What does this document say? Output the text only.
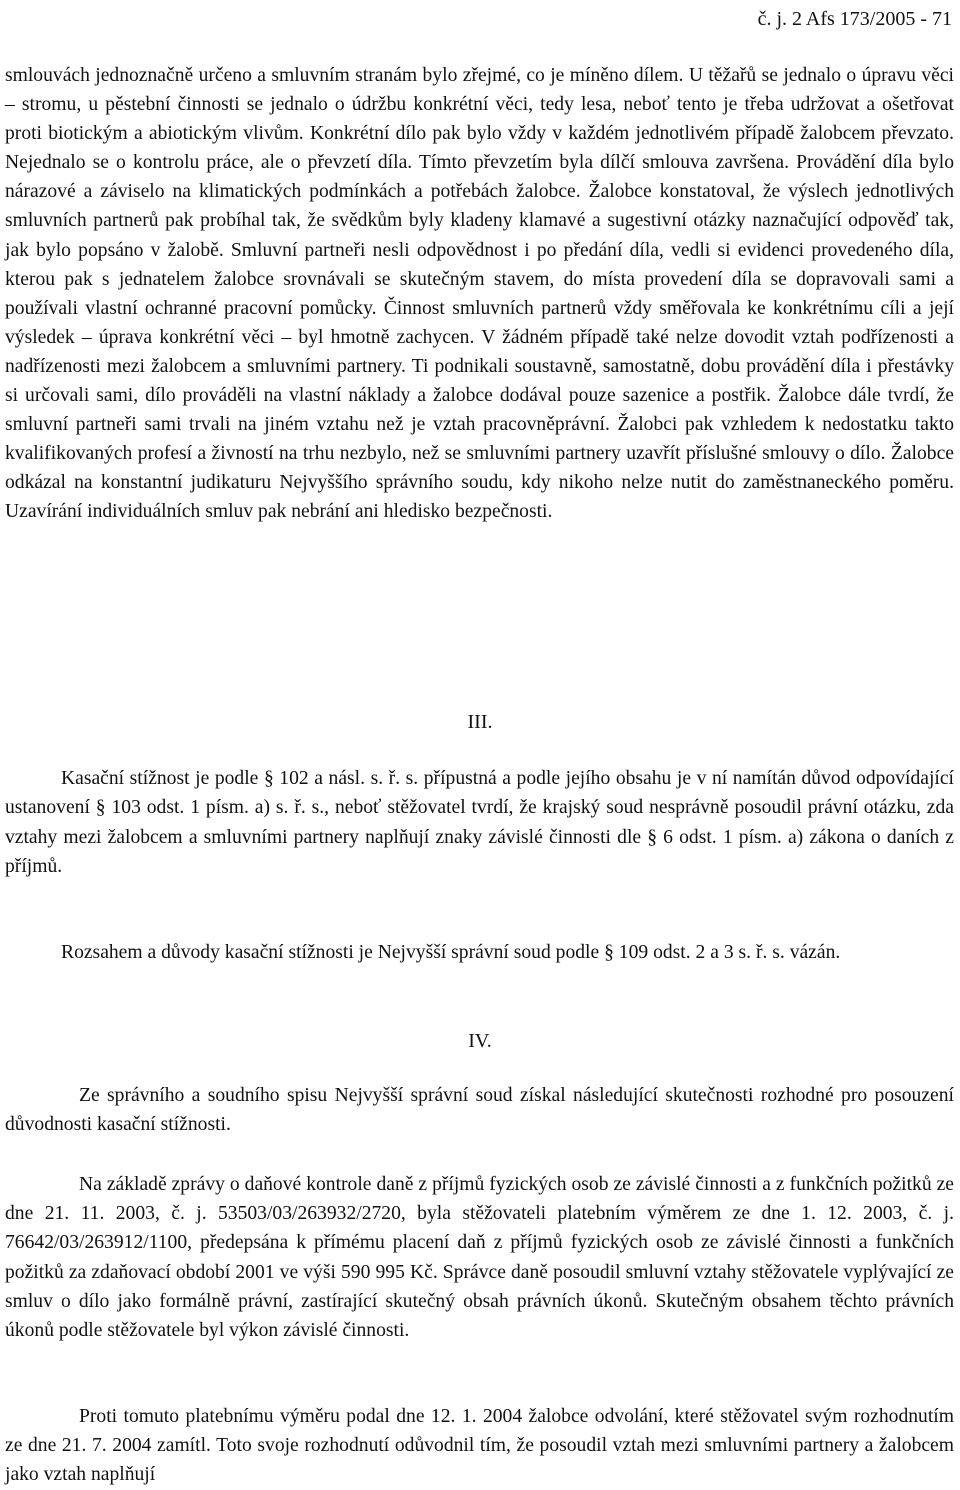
č. j. 2 Afs 173/2005 - 71

smlouvách jednoznačně určeno a smluvním stranám bylo zřejmé, co je míněno dílem. U těžařů se jednalo o úpravu věci – stromu, u pěstební činnosti se jednalo o údržbu konkrétní věci, tedy lesa, neboť tento je třeba udržovat a ošetřovat proti biotickým a abiotickým vlivům. Konkrétní dílo pak bylo vždy v každém jednotlivém případě žalobcem převzato. Nejednalo se o kontrolu práce, ale o převzetí díla. Tímto převzetím byla dílčí smlouva završena. Provádění díla bylo nárazové a záviselo na klimatických podmínkách a potřebách žalobce. Žalobce konstatoval, že výslech jednotlivých smluvních partnerů pak probíhal tak, že svědkům byly kladeny klamavé a sugestivní otázky naznačující odpověď tak, jak bylo popsáno v žalobě. Smluvní partneři nesli odpovědnost i po předání díla, vedli si evidenci provedeného díla, kterou pak s jednatelem žalobce srovnávali se skutečným stavem, do místa provedení díla se dopravovali sami a používali vlastní ochranné pracovní pomůcky. Činnost smluvních partnerů vždy směřovala ke konkrétnímu cíli a její výsledek – úprava konkrétní věci – byl hmotně zachycen. V žádném případě také nelze dovodit vztah podřízenosti a nadřízenosti mezi žalobcem a smluvními partnery. Ti podnikali soustavně, samostatně, dobu provádění díla i přestávky si určovali sami, dílo prováděli na vlastní náklady a žalobce dodával pouze sazenice a postřik. Žalobce dále tvrdí, že smluvní partneři sami trvali na jiném vztahu než je vztah pracovněprávní. Žalobci pak vzhledem k nedostatku takto kvalifikovaných profesí a živností na trhu nezbylo, než se smluvními partnery uzavřít příslušné smlouvy o dílo. Žalobce odkázal na konstantní judikaturu Nejvyššího správního soudu, kdy nikoho nelze nutit do zaměstnaneckého poměru. Uzavírání individuálních smluv pak nebrání ani hledisko bezpečnosti.

III.

Kasační stížnost je podle § 102 a násl. s. ř. s. přípustná a podle jejího obsahu je v ní namítán důvod odpovídající ustanovení § 103 odst. 1 písm. a) s. ř. s., neboť stěžovatel tvrdí, že krajský soud nesprávně posoudil právní otázku, zda vztahy mezi žalobcem a smluvními partnery naplňují znaky závislé činnosti dle § 6 odst. 1 písm. a) zákona o daních z příjmů.

Rozsahem a důvody kasační stížnosti je Nejvyšší správní soud podle § 109 odst. 2 a 3 s. ř. s. vázán.

IV.

Ze správního a soudního spisu Nejvyšší správní soud získal následující skutečnosti rozhodné pro posouzení důvodnosti kasační stížnosti.

Na základě zprávy o daňové kontrole daně z příjmů fyzických osob ze závislé činnosti a z funkčních požitků ze dne 21. 11. 2003, č. j. 53503/03/263932/2720, byla stěžovateli platebním výměrem ze dne 1. 12. 2003, č. j. 76642/03/263912/1100, předepsána k přímému placení daň z příjmů fyzických osob ze závislé činnosti a funkčních požitků za zdaňovací období 2001 ve výši 590 995 Kč. Správce daně posoudil smluvní vztahy stěžovatele vyplývající ze smluv o dílo jako formálně právní, zastírající skutečný obsah právních úkonů. Skutečným obsahem těchto právních úkonů podle stěžovatele byl výkon závislé činnosti.

Proti tomuto platebnímu výměru podal dne 12. 1. 2004 žalobce odvolání, které stěžovatel svým rozhodnutím ze dne 21. 7. 2004 zamítl. Toto svoje rozhodnutí odůvodnil tím, že posoudil vztah mezi smluvními partnery a žalobcem jako vztah naplňují
